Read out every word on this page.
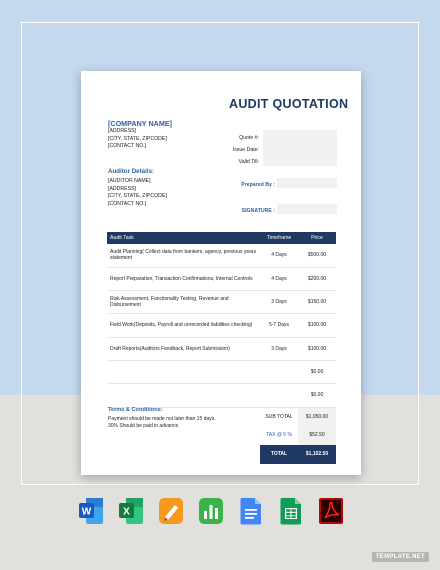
AUDIT QUOTATION
[COMPANY NAME]
[ADDRESS]
[CITY, STATE, ZIPCODE]
[CONTACT NO.]
Quote #:
Issue Date:
Valid Till:
Auditor Details:
[AUDITOR NAME]
[ADDRESS]
[CITY, STATE, ZIPCODE]
[CONTACT NO.]
Prepared By :
SIGNATURE :
Audit Task	Timeframe	Price
Audit Planning( Collect data from bankers, agency, previous years statement	4 Days	$500.00
Report Preparation, Transaction Confirmations, Internal Controls	4 Days	$200.00
Risk Assessment, Functionality Testing, Revenue and Disbursement	3 Days	$150.00
Field Work(Deposits, Payroll and unrecorded liabilities checking)	5-7 Days	$100.00
Draft Reports(Auditors Feedback, Report Submission)	3 Days	$100.00
		$0.00
		$0.00
	SUB TOTAL	$1,050.00
	TAX @ 5 %	$52.50
	TOTAL	$1,102.50
Terms & Conditions:
Payment should be made not later than 15 days.
30% Should be paid in advance
W	X
TEMPLATE.NET
